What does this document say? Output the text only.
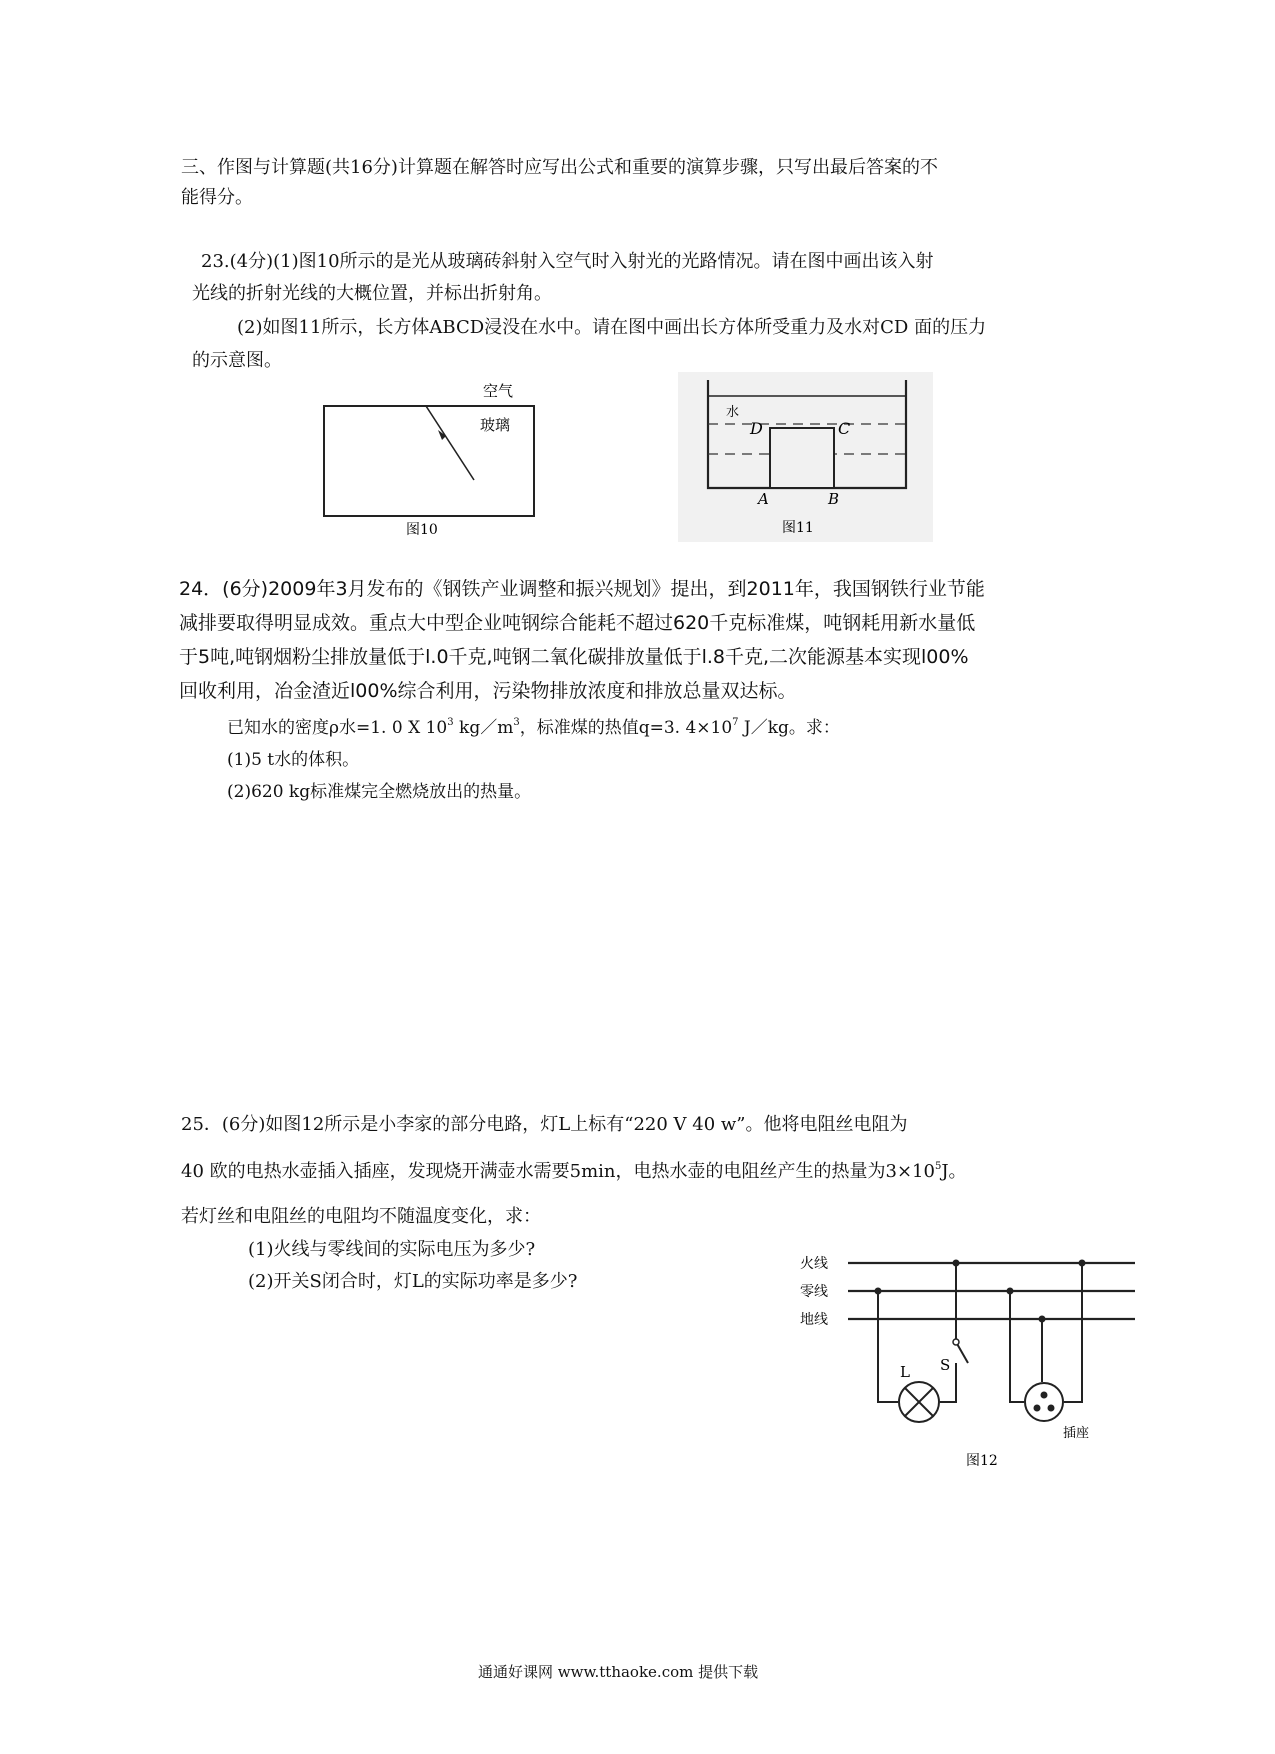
三、作图与计算题(共16分)计算题在解答时应写出公式和重要的演算步骤，只写出最后答案的不
能得分。
23.(4分)(1)图10所示的是光从玻璃砖斜射入空气时入射光的光路情况。请在图中画出该入射
光线的折射光线的大概位置，并标出折射角。
(2)如图11所示，长方体ABCD浸没在水中。请在图中画出长方体所受重力及水对CD 面的压力
的示意图。
空气
玻璃
图10
水
D	C
A	B
图11
24．(6分)2009年3月发布的《钢铁产业调整和振兴规划》提出，到2011年，我国钢铁行业节能
减排要取得明显成效。重点大中型企业吨钢综合能耗不超过620千克标准煤，吨钢耗用新水量低
于5吨,吨钢烟粉尘排放量低于l.0千克,吨钢二氧化碳排放量低于l.8千克,二次能源基本实现l00%
回收利用，冶金渣近l00%综合利用，污染物排放浓度和排放总量双达标。
已知水的密度ρ水=1. 0 X $10^3$ $kg/m^3$，标准煤的热值q=3. $4\times 10^7$ J／kg。求：
(1)5 t水的体积。
(2)620 kg标准煤完全燃烧放出的热量。
25．(6分)如图12所示是小李家的部分电路，灯L上标有“220 V 40 w”。他将电阻丝电阻为
40 欧的电热水壶插入插座，发现烧开满壶水需要5min，电热水壶的电阻丝产生的热量为$3\times 10^5J$。
若灯丝和电阻丝的电阻均不随温度变化，求：
(1)火线与零线间的实际电压为多少?
(2)开关S闭合时，灯L的实际功率是多少?
火线
零线
地线
S
L
插座
图12
通通好课网 www.tthaoke.com 提供下载
